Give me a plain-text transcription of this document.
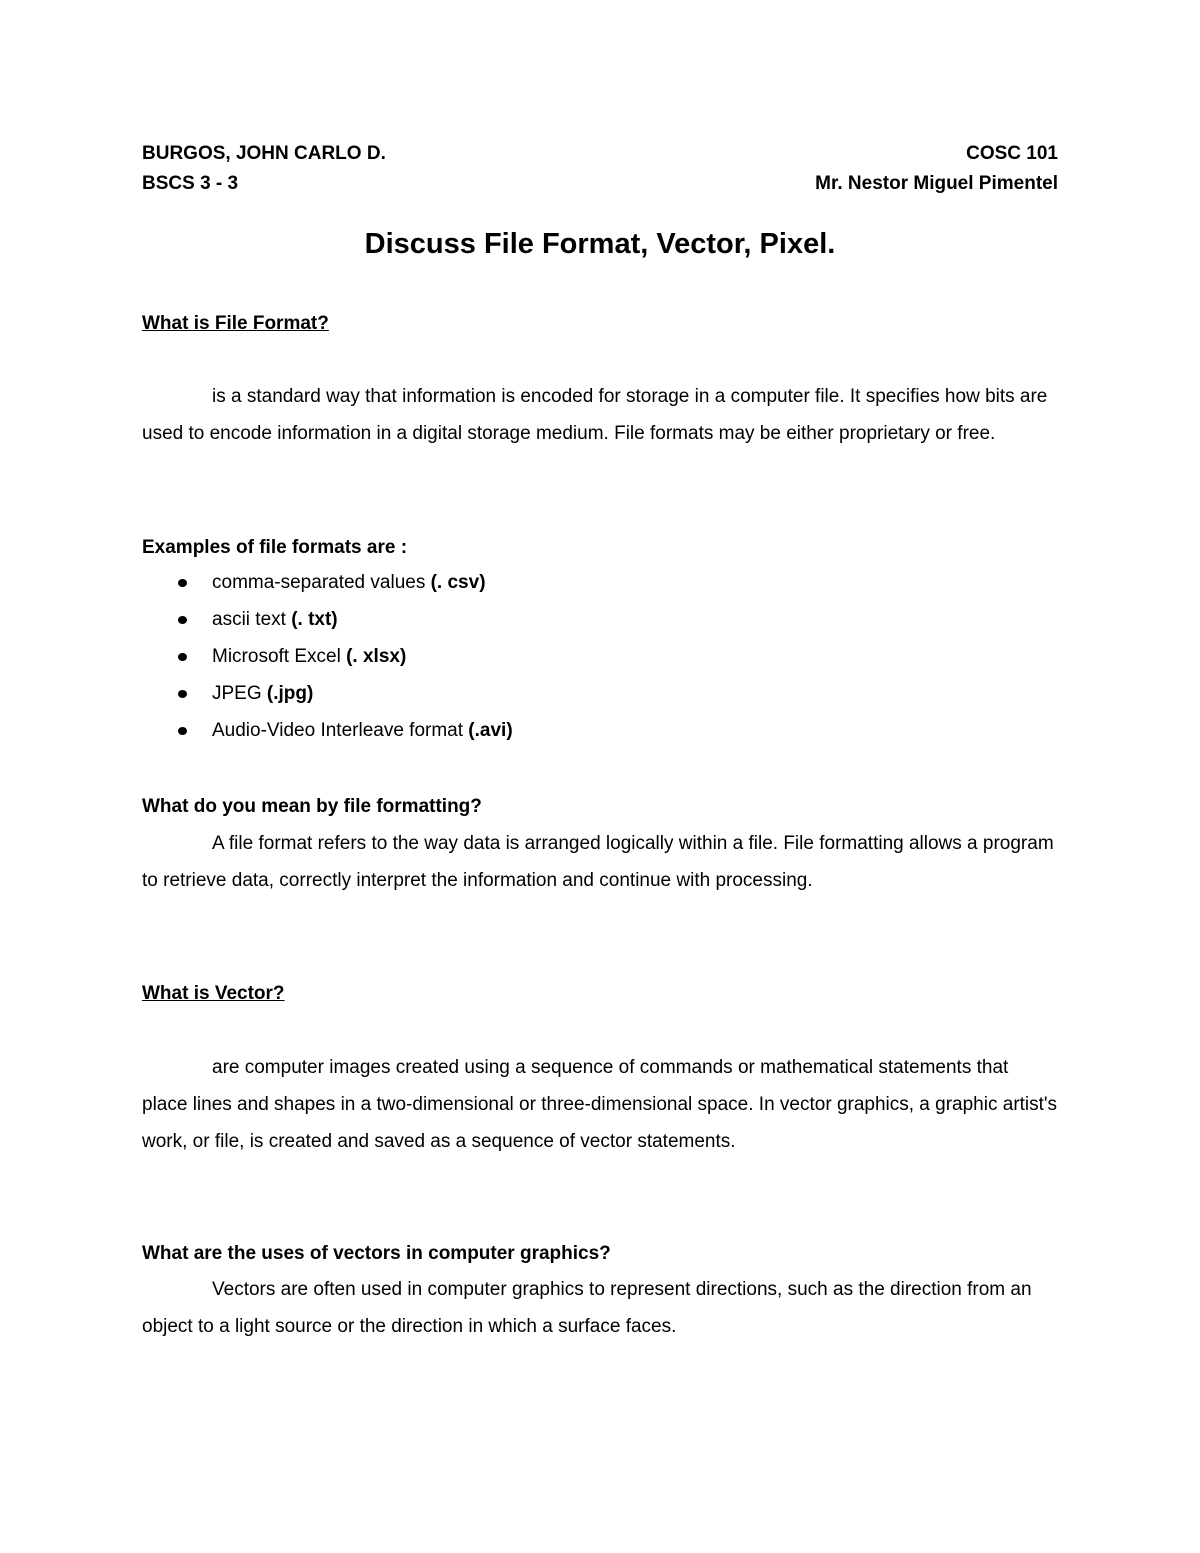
BURGOS, JOHN CARLO D.	COSC 101
BSCS 3 - 3	Mr. Nestor Miguel Pimentel
Discuss File Format, Vector, Pixel.
What is File Format?

is a standard way that information is encoded for storage in a computer file. It specifies how bits are used to encode information in a digital storage medium. File formats may be either proprietary or free.

Examples of file formats are :
comma-separated values (. csv)
ascii text (. txt)
Microsoft Excel (. xlsx)
JPEG (.jpg)
Audio-Video Interleave format (.avi)
What do you mean by file formatting?

A file format refers to the way data is arranged logically within a file. File formatting allows a program to retrieve data, correctly interpret the information and continue with processing.

What is Vector?

are computer images created using a sequence of commands or mathematical statements that place lines and shapes in a two-dimensional or three-dimensional space. In vector graphics, a graphic artist's work, or file, is created and saved as a sequence of vector statements.

What are the uses of vectors in computer graphics?

Vectors are often used in computer graphics to represent directions, such as the direction from an object to a light source or the direction in which a surface faces.
